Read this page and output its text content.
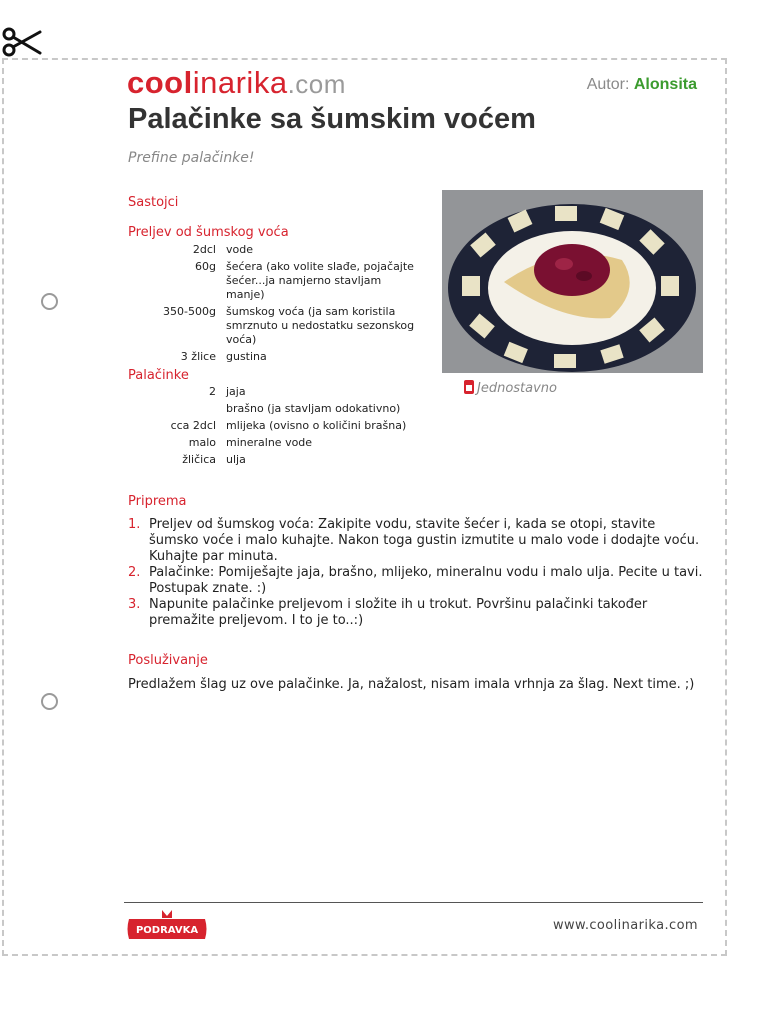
coolinarika.com	Autor: Alonsita
Palačinke sa šumskim voćem
Prefine palačinke!
Sastojci
Preljev od šumskog voća
2dcl vode
60g šećera (ako volite slađe, pojačajte šećer...ja namjerno stavljam manje)
350-500g šumskog voća (ja sam koristila smrznuto u nedostatku sezonskog voća)
3 žlice gustina
Palačinke
2 jaja
brašno (ja stavljam odokativno)
cca 2dcl mlijeka (ovisno o količini brašna)
malo mineralne vode
žličica ulja
Jednostavno
Priprema
1. Preljev od šumskog voća: Zakipite vodu, stavite šećer i, kada se otopi, stavite šumsko voće i malo kuhajte. Nakon toga gustin izmutite u malo vode i dodajte voću. Kuhajte par minuta.
2. Palačinke: Pomiješajte jaja, brašno, mlijeko, mineralnu vodu i malo ulja. Pecite u tavi. Postupak znate. :)
3. Napunite palačinke preljevom i složite ih u trokut. Površinu palačinki također premažite preljevom. I to je to..:)
Posluživanje

Predlažem šlag uz ove palačinke. Ja, nažalost, nisam imala vrhnja za šlag. Next time. ;)

PODRAVKA	www.coolinarika.com
